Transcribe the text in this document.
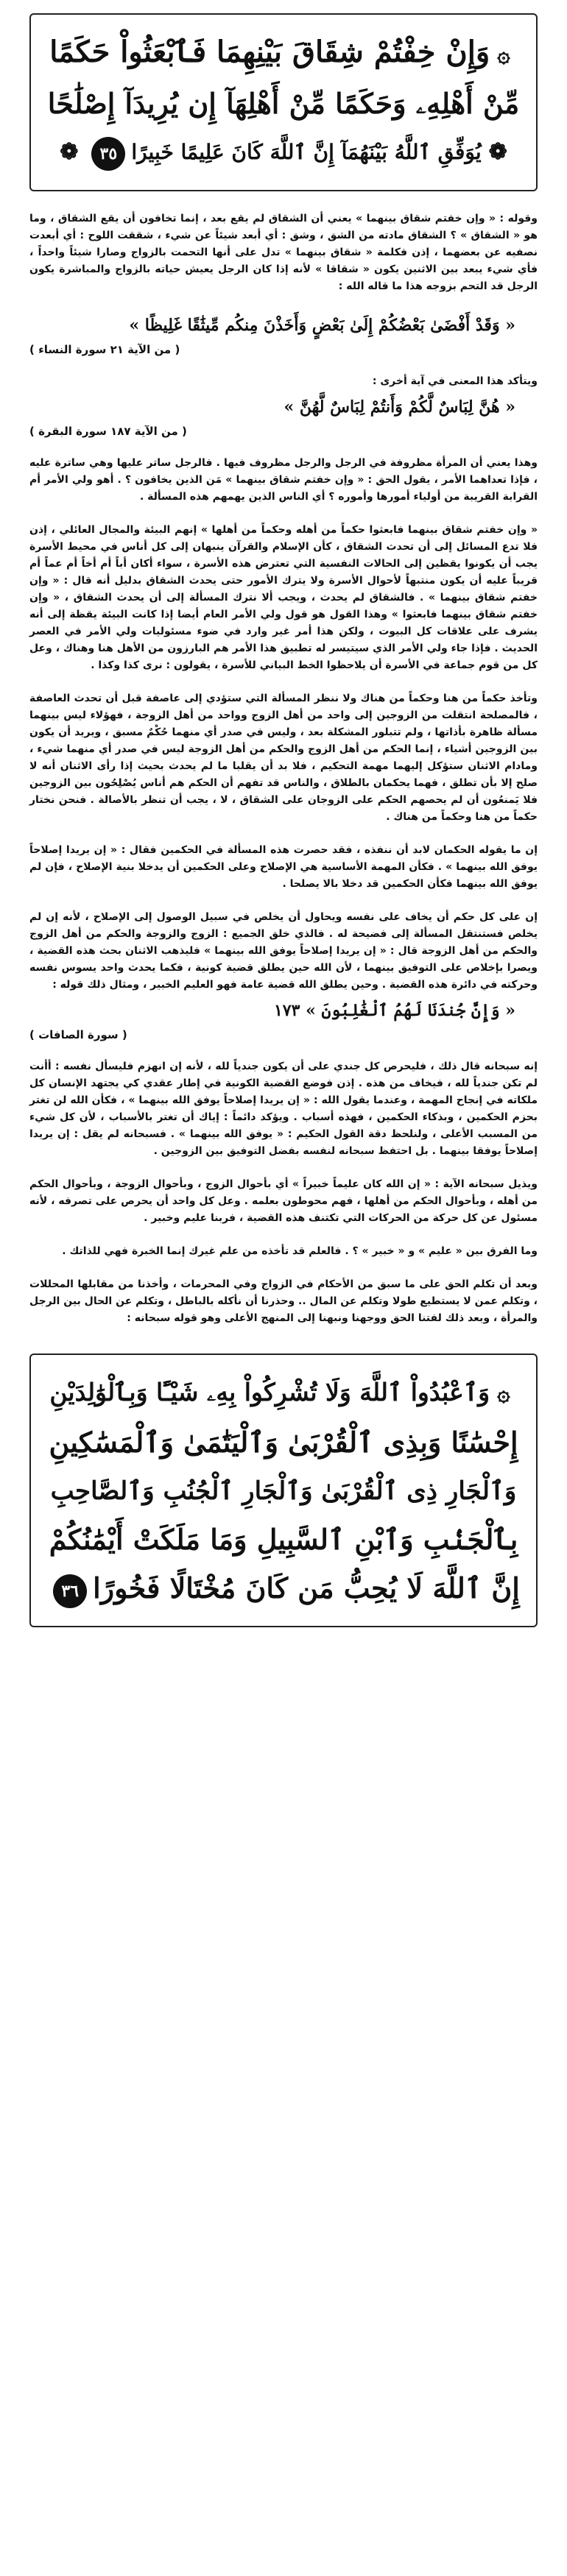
۞وَإِنْ خِفْتُمْ شِقَاقَ بَيْنِهِمَا فَٱبْعَثُواْ حَكَمًا

مِّنْ أَهْلِهِۦ وَحَكَمًا مِّنْ أَهْلِهَآ إِن يُرِيدَآ إِصْلَٰحًا

❁يُوَفِّقِ ٱللَّهُ بَيْنَهُمَآ إِنَّ ٱللَّهَ كَانَ عَلِيمًا خَبِيرًا٣٥❁

وقوله : « وإن خفتم شقاق بينهما » يعني أن الشقاق لم يقع بعد ، إنما تخافون أن يقع الشقاق ، وما هو « الشقاق » ؟ الشقاق مادته من الشق ، وشق : أي أبعد شيئاً عن شيء ، شققت اللوح : أي أبعدت نصفيه عن بعضهما ، إذن فكلمة « شقاق بينهما » تدل على أنها التحمت بالزواج وصارا شيئاً واحداً ، فأي شيء يبعد بين الاثنين يكون « شقاقا » لأنه إذا كان الرجل يعيش حياته بالزواج والمباشرة يكون الرجل قد التحم بزوجه هذا ما قاله الله :

« وَقَدْ أَفْضَىٰ بَعْضُكُمْ إِلَىٰ بَعْضٍ وَأَخَذْنَ مِنكُم مِّيثَٰقًا غَلِيظًا »

( من الآية ٢١ سورة النساء )

ويتأكد هذا المعنى في آية أخرى :

« هُنَّ لِبَاسٌ لَّكُمْ وَأَنتُمْ لِبَاسٌ لَّهُنَّ »

( من الآية ١٨٧ سورة البقرة )

وهذا يعني أن المرأة مظروفة في الرجل والرجل مظروف فيها . فالرجل ساتر عليها وهي ساترة عليه ، فإذا تعداهما الأمر ، يقول الحق : « وإن خفتم شقاق بينهما » مَن الذين يخافون ؟ . أهو ولي الأمر أم القرابة القريبة من أولياء أمورها وأموره ؟ أي الناس الذين يهمهم هذه المسألة .

« وإن خفتم شقاق بينهما فابعثوا حكماً من أهله وحكماً من أهلها » إنهم البيئة والمجال العائلي ، إذن فلا تدع المسائل إلى أن تحدث الشقاق ، كأن الإسلام والقرآن ينبهان إلى كل أناس في محيط الأسرة يجب أن يكونوا يقظين إلى الحالات النفسية التي تعترض هذه الأسرة ، سواء أكان أباً أم أخاً أم عماً أم قريباً عليه أن يكون منتبهاً لأحوال الأسرة ولا يترك الأمور حتى يحدث الشقاق بدليل أنه قال : « وإن خفتم شقاق بينهما » . فالشقاق لم يحدث ، ويجب ألا نترك المسألة إلى أن يحدث الشقاق ، « وإن خفتم شقاق بينهما فابعثوا » وهذا القول هو قول ولي الأمر العام أيضا إذا كانت البيئة يقظة إلى أنه يشرف على علاقات كل البيوت ، ولكن هذا أمر غير وارد في ضوء مسئوليات ولي الأمر في العصر الحديث . فإذا جاء ولي الأمر الذي سيتيسر له تطبيق هذا الأمر هم البارزون من الأهل هنا وهناك ، وعل كل من قوم جماعة في الأسرة أن يلاحظوا الخط البياني للأسرة ، يقولون : نرى كذا وكذا .

وتأخذ حكماً من هنا وحكماً من هناك ولا ننظر المسألة التي ستؤدي إلى عاصفة قبل أن تحدث العاصفة ، فالمصلحة انتقلت من الزوجين إلى واحد من أهل الزوج وواحد من أهل الزوجة ، فهؤلاء ليس بينهما مسألة ظاهرة بأذاتها ، ولم تتبلور المشكلة بعد ، وليس في صدر أي منهما حُكْمٌ مسبق ، ويريد أن يكون بين الزوجين أشياء ، إنما الحكم من أهل الزوج والحكم من أهل الزوجة ليس في صدر أي منهما شيء ، ومادام الاثنان ستؤكل إليهما مهمة التحكيم ، فلا بد أن يقلبا ما لم يحدث بحيث إذا رأى الاثنان أنه لا صلح إلا بأن تطلق ، فهما يحكمان بالطلاق ، والناس قد تفهم أن الحكم هم أناس يُصْلِحُون بين الزوجين فلا يَمنعُون أن لم يحصهم الحكم على الزوجان على الشقاق ، لا ، يجب أن تنظر بالأصالة . فنحن نختار حكماً من هنا وحكماً من هناك .

إن ما يقوله الحكمان لابد أن ننفذه ، فقد حصرت هذه المسألة في الحكمين فقال : « إن يريدا إصلاحاً يوفق الله بينهما » . فكأن المهمة الأساسية هي الإصلاح وعلى الحكمين أن يدخلا بنية الإصلاح ، فإن لم يوفق الله بينهما فكأن الحكمين قد دخلا بالا يصلحا .

إن على كل حكم أن يخاف على نفسه ويحاول أن يخلص في سبيل الوصول إلى الإصلاح ، لأنه إن لم يخلص فستنتقل المسألة إلى فضيحة له . فالذي خلق الجميع : الزوج والزوجة والحكم من أهل الزوج والحكم من أهل الزوجة قال : « إن يريدا إصلاحاً يوفق الله بينهما » فليذهب الاثنان بحث هذه القضية ، ويصرا بإخلاص على التوفيق بينهما ، لأن الله حين يطلق قضية كونية ، فكما يحدث واحد يسوس نفسه وحركته في دائرة هذه القضية . وحين يطلق الله قضية عامة فهو العليم الخبير ، ومثال ذلك قوله :

« وَإِنَّ جُندَنَا لَهُمُ ٱلْغَٰلِبُونَ » ١٧٣

( سورة الصافات )

إنه سبحانه قال ذلك ، فليحرص كل جندي على أن يكون جندياً لله ، لأنه إن انهزم فليسأل نفسه : أأنت لم تكن جندياً لله ، فيخاف من هذه . إذن فوضع القضية الكونية في إطار عقدي كي يجتهد الإنسان كل ملكاته في إنجاح المهمة ، وعندما يقول الله : « إن يريدا إصلاحاً يوفق الله بينهما » ، فكأن الله لن تغتر بحزم الحكمين ، وبذكاء الحكمين ، فهذه أسباب . ويؤكد دائماً : إياك أن تغتر بالأسباب ، لأن كل شيء من المسبب الأعلى ، ولنلحظ دقة القول الحكيم : « يوفق الله بينهما » . فسبحانه لم يقل : إن يريدا إصلاحاً يوفقا بينهما . بل احتفظ سبحانه لنفسه بفضل التوفيق بين الزوجين .

ويذيل سبحانه الآية : « إن الله كان عليماً خبيراً » أي بأحوال الزوج ، وبأحوال الزوجة ، وبأحوال الحكم من أهله ، وبأحوال الحكم من أهلها ، فهم محوطون بعلمه . وعل كل واحد أن يحرص على تصرفه ، لأنه مسئول عن كل حركة من الحركات التي تكتنف هذه القضية ، فربنا عليم وخبير .

وما الفرق بين « عليم » و « خبير » ؟ . فالعلم قد تأخذه من علم غيرك إنما الخبرة فهي للذاتك .

وبعد أن تكلم الحق على ما سبق من الأحكام في الزواج وفي المحرمات ، وأخذنا من مقابلها المحللات ، وتكلم عمن لا يستطيع طولا وتكلم عن المال .. وحذرنا أن نأكله بالباطل ، وتكلم عن الحال بين الرجل والمرأة ، وبعد ذلك لفتنا الحق ووجهنا ونبهنا إلى المنهج الأعلى وهو قوله سبحانه :

۞وَٱعْبُدُواْ ٱللَّهَ وَلَا تُشْرِكُواْ بِهِۦ شَيْـًٔا وَبِٱلْوَٰلِدَيْنِ

إِحْسَٰنًا وَبِذِى ٱلْقُرْبَىٰ وَٱلْيَتَٰمَىٰ وَٱلْمَسَٰكِينِ

وَٱلْجَارِ ذِى ٱلْقُرْبَىٰ وَٱلْجَارِ ٱلْجُنُبِ وَٱلصَّاحِبِ

بِٱلْجَنۢبِ وَٱبْنِ ٱلسَّبِيلِ وَمَا مَلَكَتْ أَيْمَٰنُكُمْ

إِنَّ ٱللَّهَ لَا يُحِبُّ مَن كَانَ مُخْتَالًا فَخُورًا٣٦
